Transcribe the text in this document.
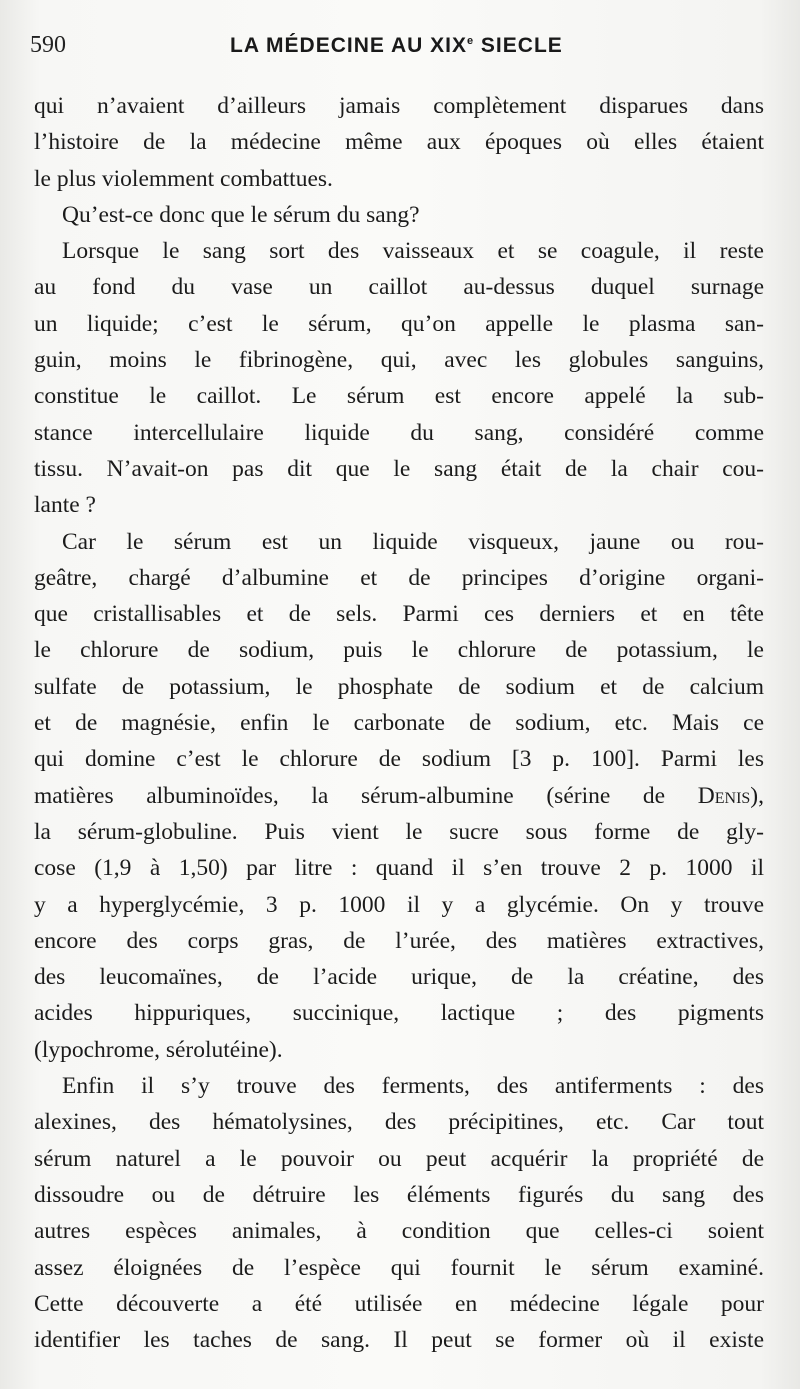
590	LA MÉDECINE AU XIXe SIECLE
qui n’avaient d’ailleurs jamais complètement disparues dans
l’histoire de la médecine même aux époques où elles étaient
le plus violemment combattues.
Qu’est-ce donc que le sérum du sang?
Lorsque le sang sort des vaisseaux et se coagule, il reste
au fond du vase un caillot au-dessus duquel surnage
un liquide; c’est le sérum, qu’on appelle le plasma san-
guin, moins le fibrinogène, qui, avec les globules sanguins,
constitue le caillot. Le sérum est encore appelé la sub-
stance intercellulaire liquide du sang, considéré comme
tissu. N’avait-on pas dit que le sang était de la chair cou-
lante ?
Car le sérum est un liquide visqueux, jaune ou rou-
geâtre, chargé d’albumine et de principes d’origine organi-
que cristallisables et de sels. Parmi ces derniers et en tête
le chlorure de sodium, puis le chlorure de potassium, le
sulfate de potassium, le phosphate de sodium et de calcium
et de magnésie, enfin le carbonate de sodium, etc. Mais ce
qui domine c’est le chlorure de sodium [3 p. 100]. Parmi les
matières albuminoïdes, la sérum-albumine (sérine de Denis),
la sérum-globuline. Puis vient le sucre sous forme de gly-
cose (1,9 à 1,50) par litre : quand il s’en trouve 2 p. 1000 il
y a hyperglycémie, 3 p. 1000 il y a glycémie. On y trouve
encore des corps gras, de l’urée, des matières extractives,
des leucomaïnes, de l’acide urique, de la créatine, des
acides hippuriques, succinique, lactique ; des pigments
(lypochrome, sérolutéine).
Enfin il s’y trouve des ferments, des antiferments : des
alexines, des hématolysines, des précipitines, etc. Car tout
sérum naturel a le pouvoir ou peut acquérir la propriété de
dissoudre ou de détruire les éléments figurés du sang des
autres espèces animales, à condition que celles-ci soient
assez éloignées de l’espèce qui fournit le sérum examiné.
Cette découverte a été utilisée en médecine légale pour
identifier les taches de sang. Il peut se former où il existe
